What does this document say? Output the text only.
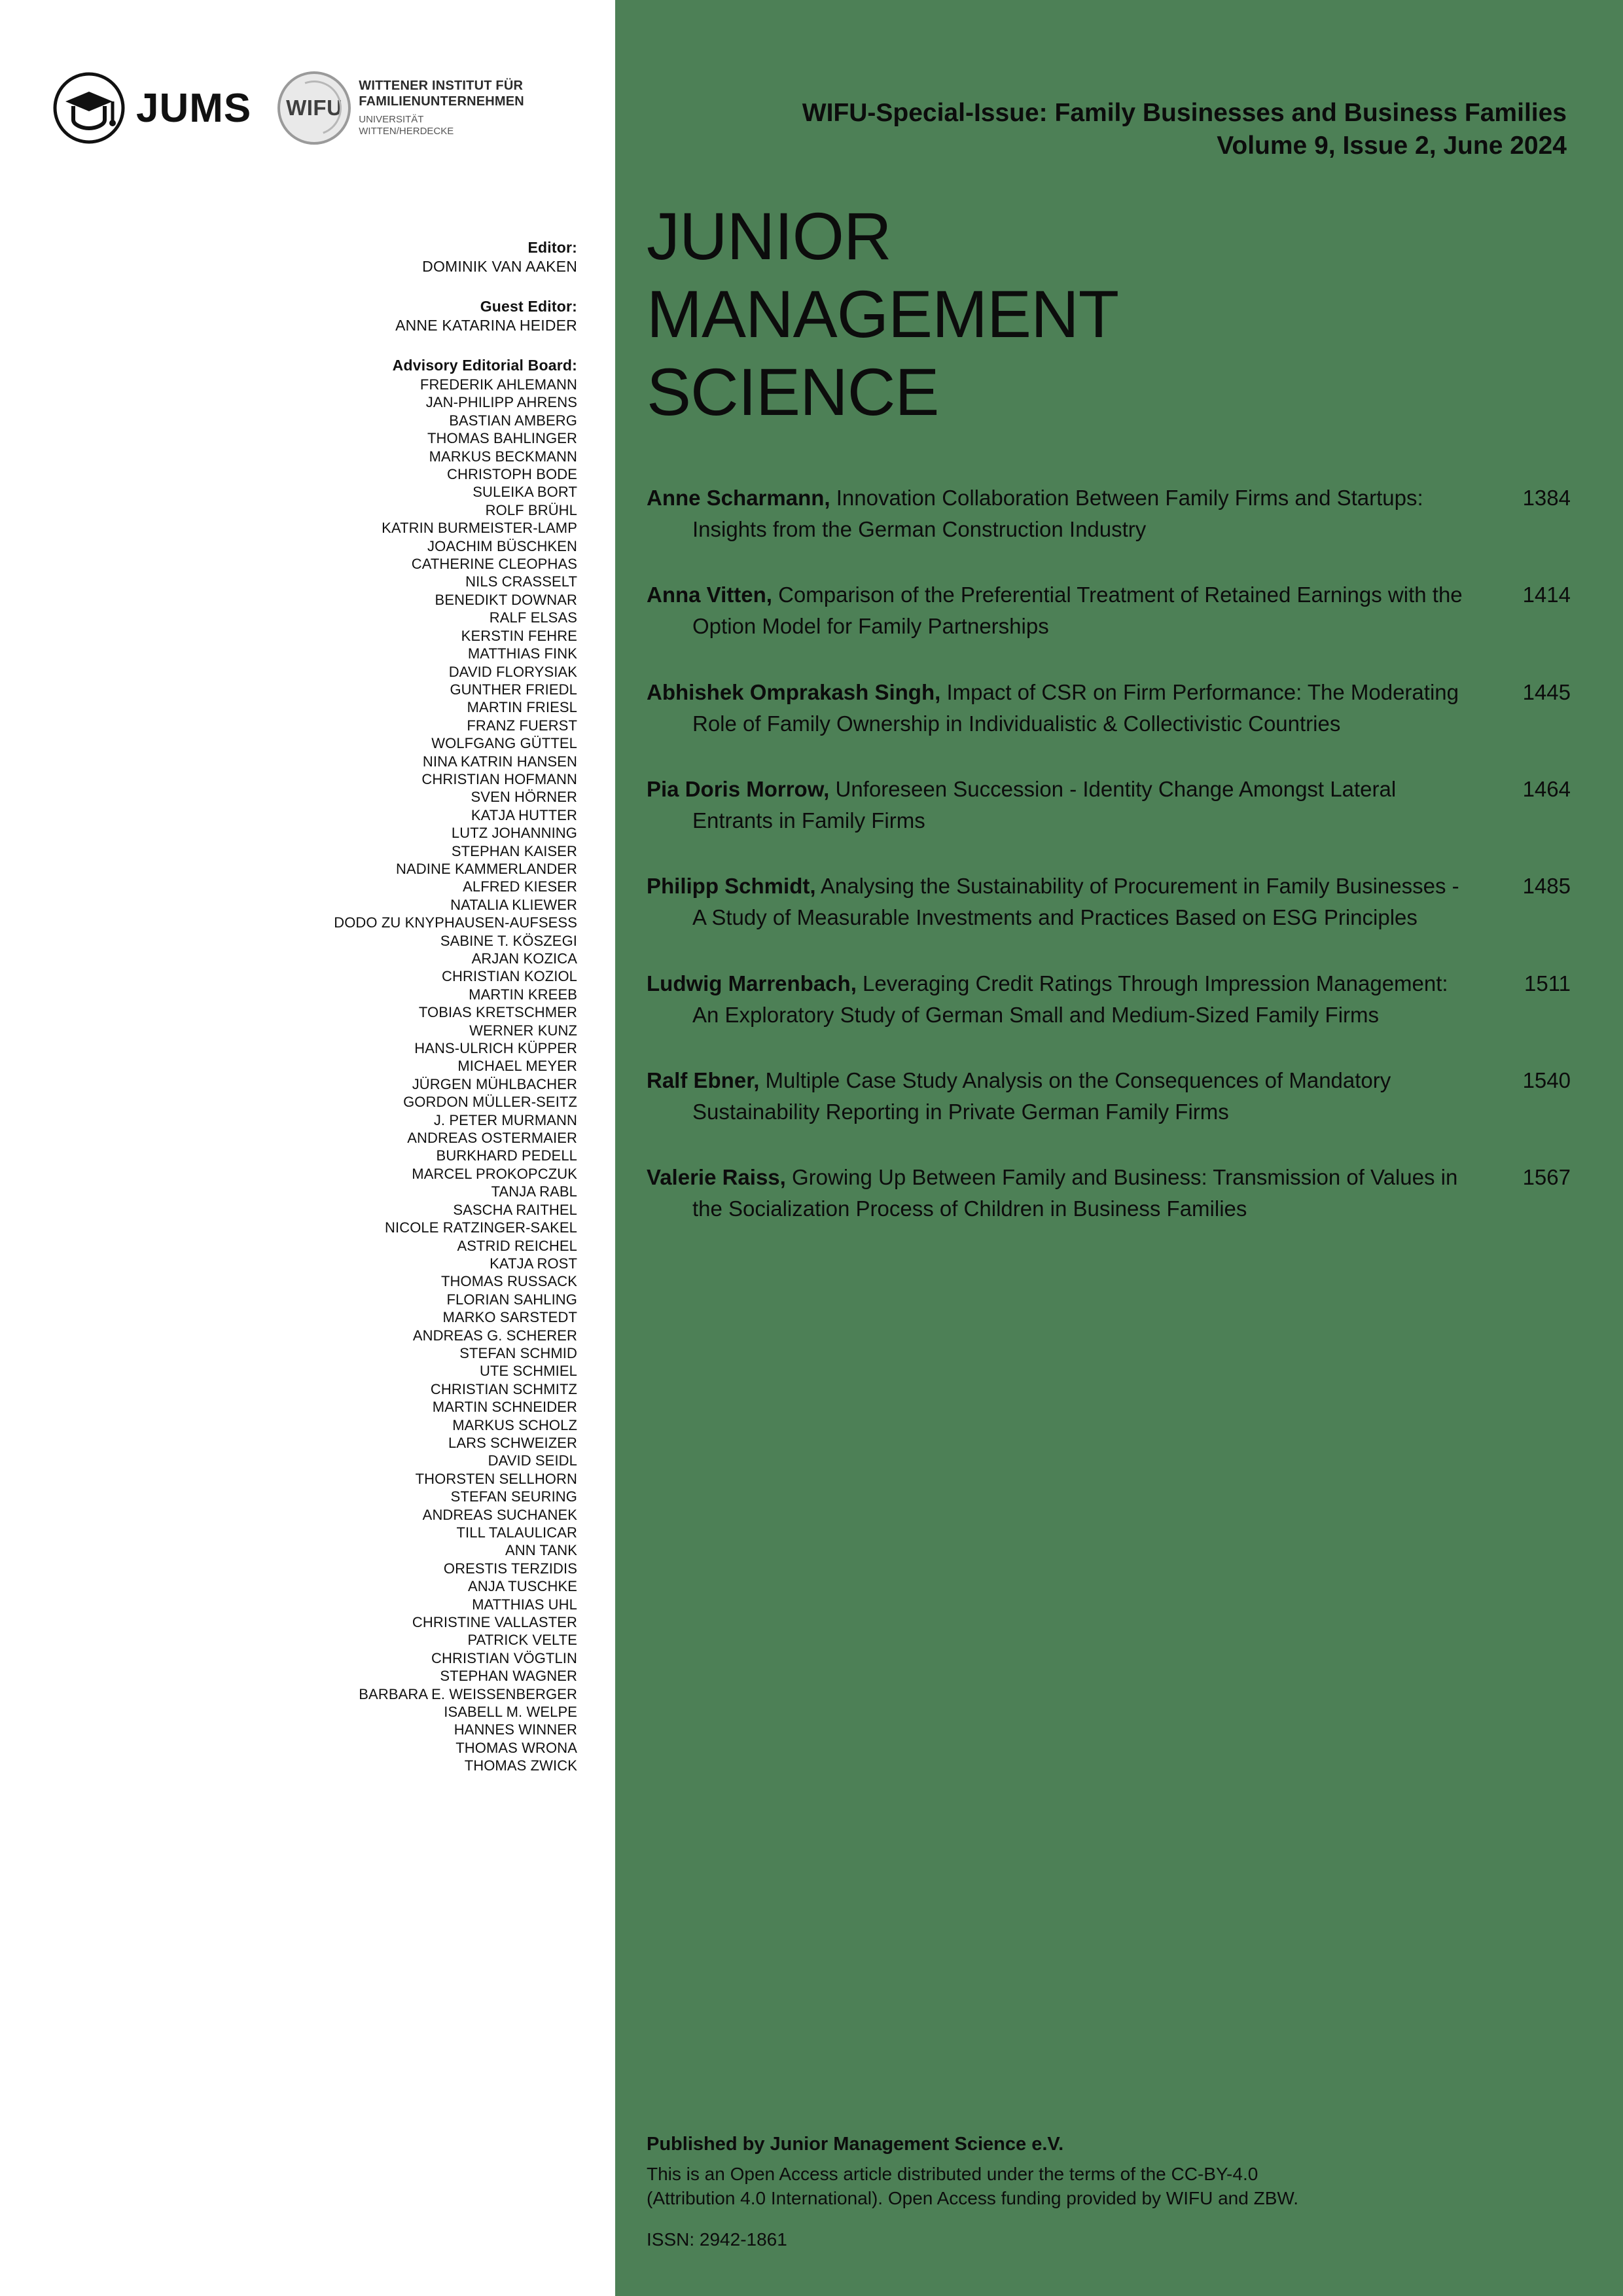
JUMS WIFU
WITTENER INSTITUT FÜR
FAMILIENUNTERNEHMEN
UNIVERSITÄT
WITTEN/HERDECKE
Editor:
DOMINIK VAN AAKEN
Guest Editor:
ANNE KATARINA HEIDER
Advisory Editorial Board:
FREDERIK AHLEMANN
JAN-PHILIPP AHRENS
BASTIAN AMBERG
THOMAS BAHLINGER
MARKUS BECKMANN
CHRISTOPH BODE
SULEIKA BORT
ROLF BRÜHL
KATRIN BURMEISTER-LAMP
JOACHIM BÜSCHKEN
CATHERINE CLEOPHAS
NILS CRASSELT
BENEDIKT DOWNAR
RALF ELSAS
KERSTIN FEHRE
MATTHIAS FINK
DAVID FLORYSIAK
GUNTHER FRIEDL
MARTIN FRIESL
FRANZ FUERST
WOLFGANG GÜTTEL
NINA KATRIN HANSEN
CHRISTIAN HOFMANN
SVEN HÖRNER
KATJA HUTTER
LUTZ JOHANNING
STEPHAN KAISER
NADINE KAMMERLANDER
ALFRED KIESER
NATALIA KLIEWER
DODO ZU KNYPHAUSEN-AUFSESS
SABINE T. KÖSZEGI
ARJAN KOZICA
CHRISTIAN KOZIOL
MARTIN KREEB
TOBIAS KRETSCHMER
WERNER KUNZ
HANS-ULRICH KÜPPER
MICHAEL MEYER
JÜRGEN MÜHLBACHER
GORDON MÜLLER-SEITZ
J. PETER MURMANN
ANDREAS OSTERMAIER
BURKHARD PEDELL
MARCEL PROKOPCZUK
TANJA RABL
SASCHA RAITHEL
NICOLE RATZINGER-SAKEL
ASTRID REICHEL
KATJA ROST
THOMAS RUSSACK
FLORIAN SAHLING
MARKO SARSTEDT
ANDREAS G. SCHERER
STEFAN SCHMID
UTE SCHMIEL
CHRISTIAN SCHMITZ
MARTIN SCHNEIDER
MARKUS SCHOLZ
LARS SCHWEIZER
DAVID SEIDL
THORSTEN SELLHORN
STEFAN SEURING
ANDREAS SUCHANEK
TILL TALAULICAR
ANN TANK
ORESTIS TERZIDIS
ANJA TUSCHKE
MATTHIAS UHL
CHRISTINE VALLASTER
PATRICK VELTE
CHRISTIAN VÖGTLIN
STEPHAN WAGNER
BARBARA E. WEISSENBERGER
ISABELL M. WELPE
HANNES WINNER
THOMAS WRONA
THOMAS ZWICK
WIFU-Special-Issue: Family Businesses and Business Families
Volume 9, Issue 2, June 2024
JUNIOR
MANAGEMENT
SCIENCE
Anne Scharmann, Innovation Collaboration Between Family Firms and Startups: Insights from the German Construction Industry
1384
Anna Vitten, Comparison of the Preferential Treatment of Retained Earnings with the Option Model for Family Partnerships
1414
Abhishek Omprakash Singh, Impact of CSR on Firm Performance: The Moderating Role of Family Ownership in Individualistic & Collectivistic Countries
1445
Pia Doris Morrow, Unforeseen Succession - Identity Change Amongst Lateral Entrants in Family Firms
1464
Philipp Schmidt, Analysing the Sustainability of Procurement in Family Businesses - A Study of Measurable Investments and Practices Based on ESG Principles
1485
Ludwig Marrenbach, Leveraging Credit Ratings Through Impression Management: An Exploratory Study of German Small and Medium-Sized Family Firms
1511
Ralf Ebner, Multiple Case Study Analysis on the Consequences of Mandatory Sustainability Reporting in Private German Family Firms
1540
Valerie Raiss, Growing Up Between Family and Business: Transmission of Values in the Socialization Process of Children in Business Families
1567
Published by Junior Management Science e.V.
This is an Open Access article distributed under the terms of the CC-BY-4.0
(Attribution 4.0 International). Open Access funding provided by WIFU and ZBW.
ISSN: 2942-1861
